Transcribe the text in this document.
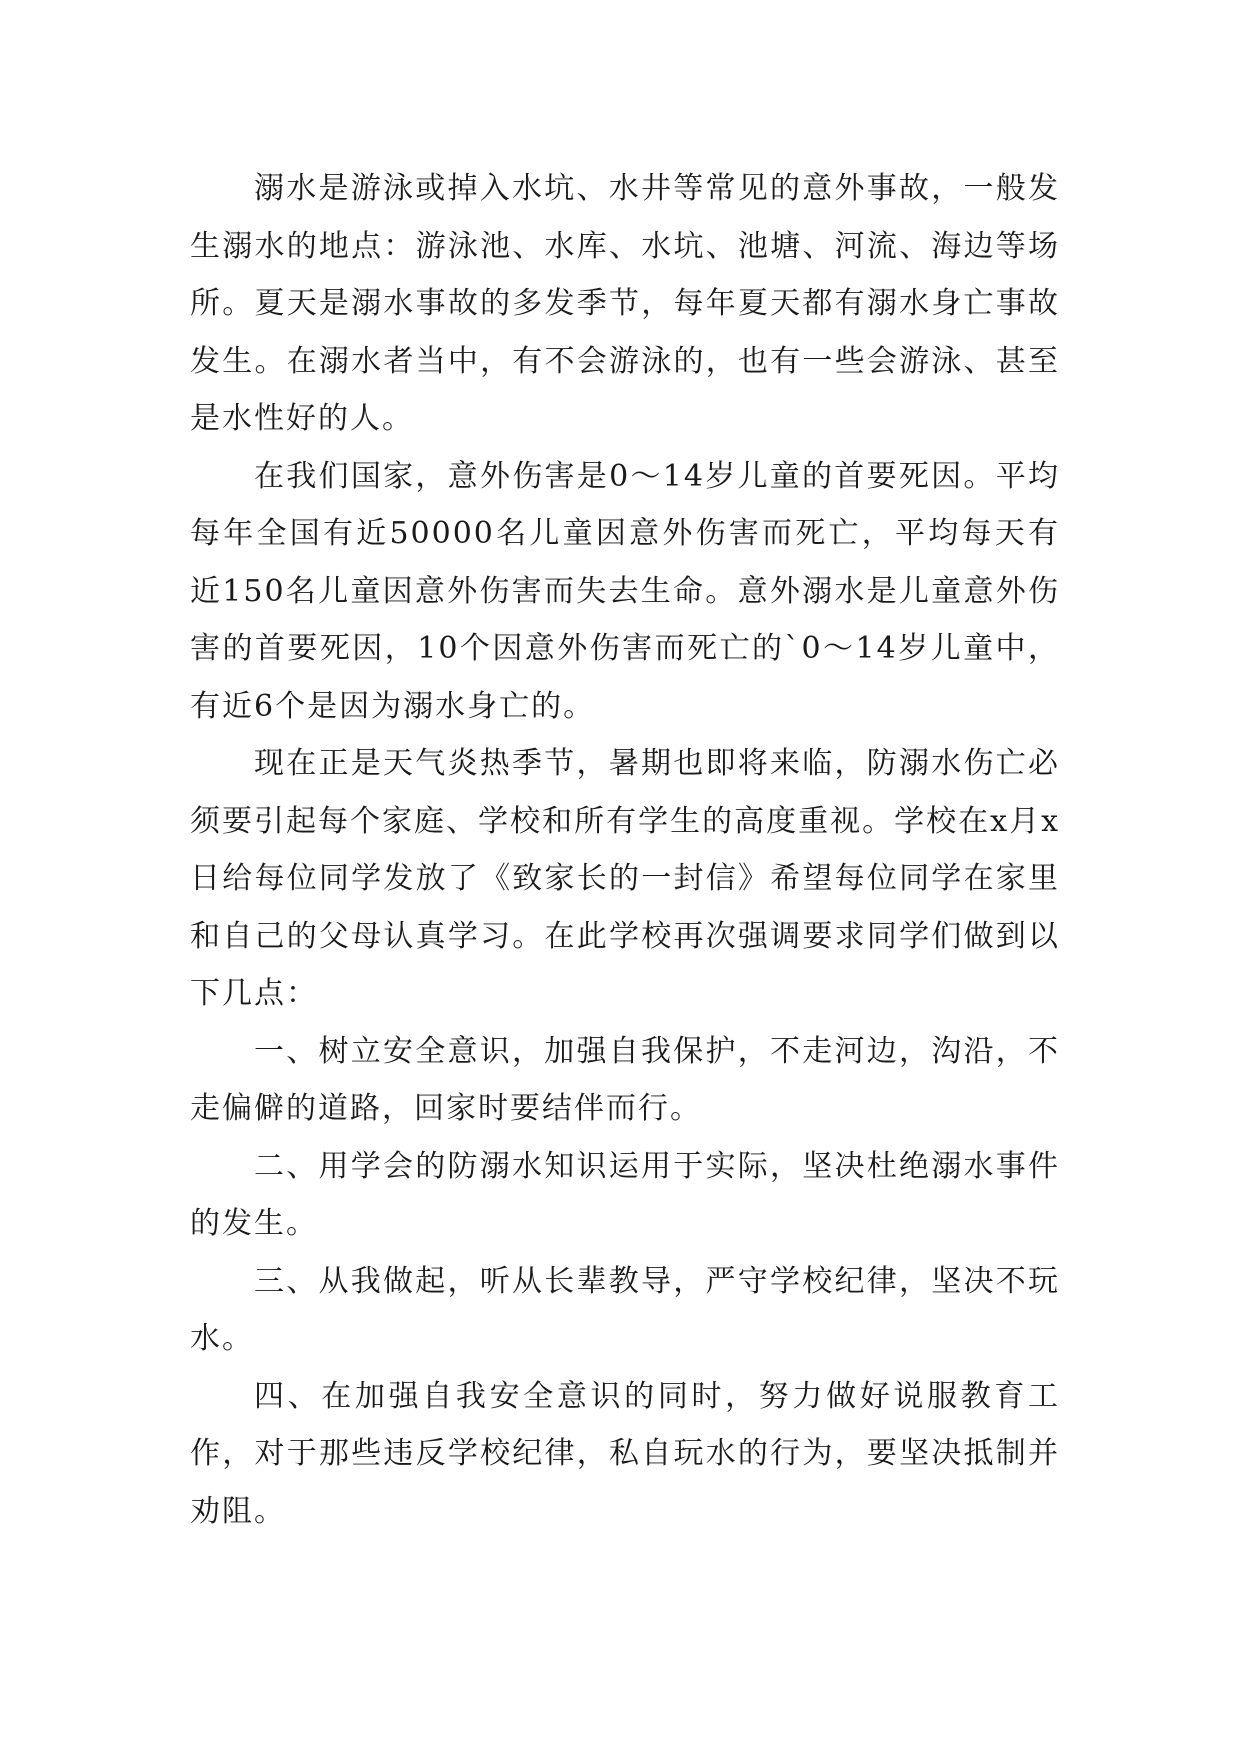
溺水是游泳或掉入水坑、水井等常见的意外事故，一般发生溺水的地点：游泳池、水库、水坑、池塘、河流、海边等场所。夏天是溺水事故的多发季节，每年夏天都有溺水身亡事故发生。在溺水者当中，有不会游泳的，也有一些会游泳、甚至是水性好的人。

在我们国家，意外伤害是0～14岁儿童的首要死因。平均每年全国有近50000名儿童因意外伤害而死亡，平均每天有近150名儿童因意外伤害而失去生命。意外溺水是儿童意外伤害的首要死因，10个因意外伤害而死亡的`0～14岁儿童中，有近6个是因为溺水身亡的。

现在正是天气炎热季节，暑期也即将来临，防溺水伤亡必须要引起每个家庭、学校和所有学生的高度重视。学校在x月x日给每位同学发放了《致家长的一封信》希望每位同学在家里和自己的父母认真学习。在此学校再次强调要求同学们做到以下几点：

一、树立安全意识，加强自我保护，不走河边，沟沿，不走偏僻的道路，回家时要结伴而行。

二、用学会的防溺水知识运用于实际，坚决杜绝溺水事件的发生。

三、从我做起，听从长辈教导，严守学校纪律，坚决不玩水。

四、在加强自我安全意识的同时，努力做好说服教育工作，对于那些违反学校纪律，私自玩水的行为，要坚决抵制并劝阻。
